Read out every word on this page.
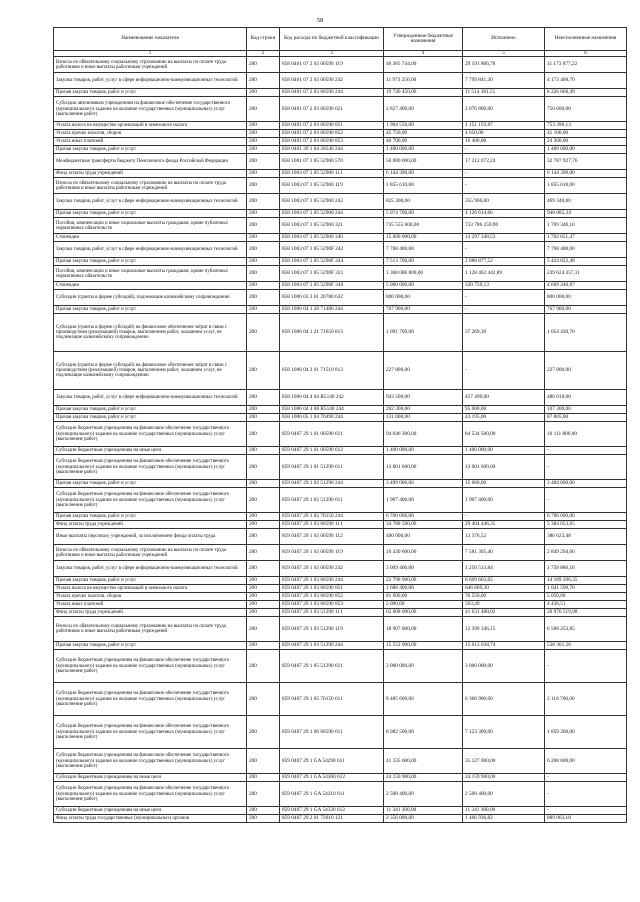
58
Наименование показателя	Код строки	Код расхода по бюджетной классификации	Утвержденные бюджетные назначения	Исполнено	Неисполненные назначения
1	2	3	4	5	6
Взносы по обязательному социальному страхованию на выплаты по оплате труда работников и иные выплаты работникам учреждений	200	858 0401 07 2 03 00590 119	40 365 744,00	29 191 866,78	11 173 877,22
Закупка товаров, работ, услуг в сфере информационно-коммуникационных технологий	200	858 0401 07 2 03 00590 242	11 973 250,00	7 799 841,30	4 173 408,70
Прочая закупка товаров, работ и услуг	200	858 0401 07 2 03 00590 244	19 740 450,00	11 514 381,51	8 226 068,49
Субсидии автономным учреждениям на финансовое обеспечение государственного (муниципального) задания на оказание государственных (муниципальных) услуг (выполнение работ)	200	858 0401 07 2 03 00590 621	2 827 400,00	2 076 800,00	750 600,00
Уплата налога на имущество организаций и земельного налога	200	858 0401 07 2 03 00590 851	1 904 550,00	1 151 159,87	753 390,13
Уплата прочих налогов, сборов	200	858 0401 07 2 03 00590 852	45 750,00	4 650,00	41 100,00
Уплата иных платежей	200	858 0401 07 2 03 00590 853	40 700,00	16 400,00	24 300,00
Прочая закупка товаров, работ и услуг	200	858 0401 39 1 04 20540 244	1 400 000,00	-	1 400 000,00
Межбюджетные трансферты бюджету Пенсионного фонда Российской Федерации	200	858 1001 07 1 05 52900 570	50 000 000,00	17 212 072,24	32 787 927,76
Фонд оплаты труда учреждений	200	858 1003 07 1 05 52900 111	6 144 390,00	-	6 144 390,00
Взносы по обязательному социальному страхованию на выплаты по оплате труда работников и иные выплаты работникам учреждений	200	858 1003 07 1 05 52900 119	1 855 610,00	-	1 855 610,00
Закупка товаров, работ, услуг в сфере информационно-коммуникационных технологий	200	858 1003 07 1 05 52900 242	825 300,00	355 960,00	469 340,00
Прочая закупка товаров, работ и услуг	200	858 1003 07 1 05 52900 244	5 074 700,00	4 126 614,66	948 085,34
Пособия, компенсации и иные социальные выплаты гражданам, кроме публичных нормативных обязательств	200	858 1003 07 1 05 52900 321	735 555 600,00	733 786 259,90	1 769 340,10
Стипендии	200	858 1003 07 1 05 52900 340	15 000 000,00	13 297 348,53	1 702 651,47
Закупка товаров, работ, услуг в сфере информационно-коммуникационных технологий	200	858 1003 07 1 05 5290F 242	7 768 400,00	-	7 768 400,00
Прочая закупка товаров, работ и услуг	200	858 1003 07 1 05 5290F 244	7 513 700,00	2 088 877,52	5 424 822,48
Пособия, компенсации и иные социальные выплаты гражданам, кроме публичных нормативных обязательств	200	858 1003 07 1 05 5290F 321	1 368 086 800,00	1 128 462 442,89	239 624 357,11
Стипендии	200	858 1003 07 1 05 5290F 340	5 000 000,00	330 759,13	4 669 240,87
Субсидии (гранты в форме субсидий), подлежащие казначейскому сопровождению	200	858 1006 03 3 01 20780 632	800 000,00	-	800 000,00
Прочая закупка товаров, работ и услуг	200	858 1006 04 1 20 71480 244	767 900,00	-	767 900,00
Субсидии (гранты в форме субсидий) на финансовое обеспечение затрат в связи с производством (реализацией) товаров, выполнением работ, оказанием услуг, не подлежащие казначейскому сопровождению	200	858 1006 04 1 21 71650 813	1 091 700,00	37 269,30	1 054 430,70
Субсидии (гранты в форме субсидий) на финансовое обеспечение затрат в связи с производством (реализацией) товаров, выполнением работ, оказанием услуг, не подлежащие казначейскому сопровождению	200	858 1006 04 3 01 71510 813	227 800,00	-	227 800,00
Закупка товаров, работ, услуг в сфере информационно-коммуникационных технологий	200	858 1006 04 4 04 R5140 242	943 500,00	457 490,00	486 010,00
Прочая закупка товаров, работ и услуг	200	858 1006 04 4 08 R5140 244	202 300,00	95 000,00	107 300,00
Прочая закупка товаров, работ и услуг	200	858 1006 05 1 04 70490 244	131 000,00	43 195,00	87 805,00
Субсидии бюджетным учреждениям на финансовое обеспечение государственного (муниципального) задания на оказание государственных (муниципальных) услуг (выполнение работ)	200	859 0407 29 1 01 00590 611	94 646 300,00	84 534 500,00	10 111 800,00
Субсидии бюджетным учреждениям на иные цели	200	859 0407 29 1 01 00590 612	1 400 000,00	1 400 000,00	-
Субсидии бюджетным учреждениям на финансовое обеспечение государственного (муниципального) задания на оказание государственных (муниципальных) услуг (выполнение работ)	200	859 0407 29 1 01 51290 611	13 001 600,00	13 001 600,00	-
Прочая закупка товаров, работ и услуг	200	859 0407 29 1 02 51290 244	3 499 000,00	15 000,00	3 484 000,00
Субсидии бюджетным учреждениям на финансовое обеспечение государственного (муниципального) задания на оказание государственных (муниципальных) услуг (выполнение работ)	200	859 0407 29 1 02 51290 611	1 907 400,00	1 907 400,00	-
Прочая закупка товаров, работ и услуг	200	859 0407 29 1 02 70150 244	6 700 000,00	-	6 700 000,00
Фонд оплаты труда учреждений	200	859 0407 29 1 03 00590 111	34 788 500,00	29 404 446,35	5 384 053,65
Иные выплаты персоналу учреждений, за исключением фонда оплаты труда	200	859 0407 29 1 03 00590 112	400 000,00	13 376,52	386 623,48
Взносы по обязательному социальному страхованию на выплаты по оплате труда работников и иные выплаты работникам учреждений	200	859 0407 29 1 03 00590 119	10 430 600,00	7 581 305,40	2 849 294,60
Закупка товаров, работ, услуг в сфере информационно-коммуникационных технологий	200	859 0407 29 1 03 00590 242	3 009 400,00	1 250 513,84	1 758 886,16
Прочая закупка товаров, работ и услуг	200	859 0407 29 1 03 00590 244	22 798 900,00	8 609 603,65	14 189 296,35
Уплата налога на имущество организаций и земельного налога	200	859 0407 29 1 03 00590 851	1 688 400,00	646 809,30	1 041 590,70
Уплата прочих налогов, сборов	200	859 0407 29 1 03 00590 852	81 600,00	76 550,00	5 050,00
Уплата иных платежей	200	859 0407 29 1 03 00590 853	5 000,00	563,49	4 436,51
Фонд оплаты труда учреждений	200	859 0407 29 1 03 51290 111	62 608 000,00	41 631 480,02	20 976 519,98
Взносы по обязательному социальному страхованию на выплаты по оплате труда работников и иные выплаты работникам учреждений	200	859 0407 29 1 03 51290 119	18 907 600,00	12 399 346,15	6 508 253,85
Прочая закупка товаров, работ и услуг	200	859 0407 29 1 03 51290 244	15 552 000,00	15 013 638,74	538 361,26
Субсидии бюджетным учреждениям на финансовое обеспечение государственного (муниципального) задания на оказание государственных (муниципальных) услуг (выполнение работ)	200	859 0407 29 1 05 51290 611	3 000 000,00	3 000 000,00	-
Субсидии бюджетным учреждениям на финансовое обеспечение государственного (муниципального) задания на оказание государственных (муниципальных) услуг (выполнение работ)	200	859 0407 29 1 05 70150 611	8 485 600,00	6 366 900,00	2 118 700,00
Субсидии бюджетным учреждениям на финансовое обеспечение государственного (муниципального) задания на оказание государственных (муниципальных) услуг (выполнение работ)	200	859 0407 29 1 06 00590 611	8 982 500,00	7 123 300,00	1 859 200,00
Субсидии бюджетным учреждениям на финансовое обеспечение государственного (муниципального) задания на оказание государственных (муниципальных) услуг (выполнение работ)	200	859 0407 29 1 GA 54290 611	41 335 600,00	35 127 000,00	6 208 600,00
Субсидии бюджетным учреждениям на иные цели	200	859 0407 29 1 GA 54300 612	24 159 900,00	24 159 900,00	-
Субсидии бюджетным учреждениям на финансовое обеспечение государственного (муниципального) задания на оказание государственных (муниципальных) услуг (выполнение работ)	200	859 0407 29 1 GA 54310 611	2 508 400,00	2 508 400,00	-
Субсидии бюджетным учреждениям на иные цели	200	859 0407 29 1 GA 54320 612	11 341 300,00	11 341 300,00	-
Фонд оплаты труда государственных (муниципальных) органов	200	859 0407 29 2 01 72010 121	2 356 000,00	1 466 936,82	889 063,18
